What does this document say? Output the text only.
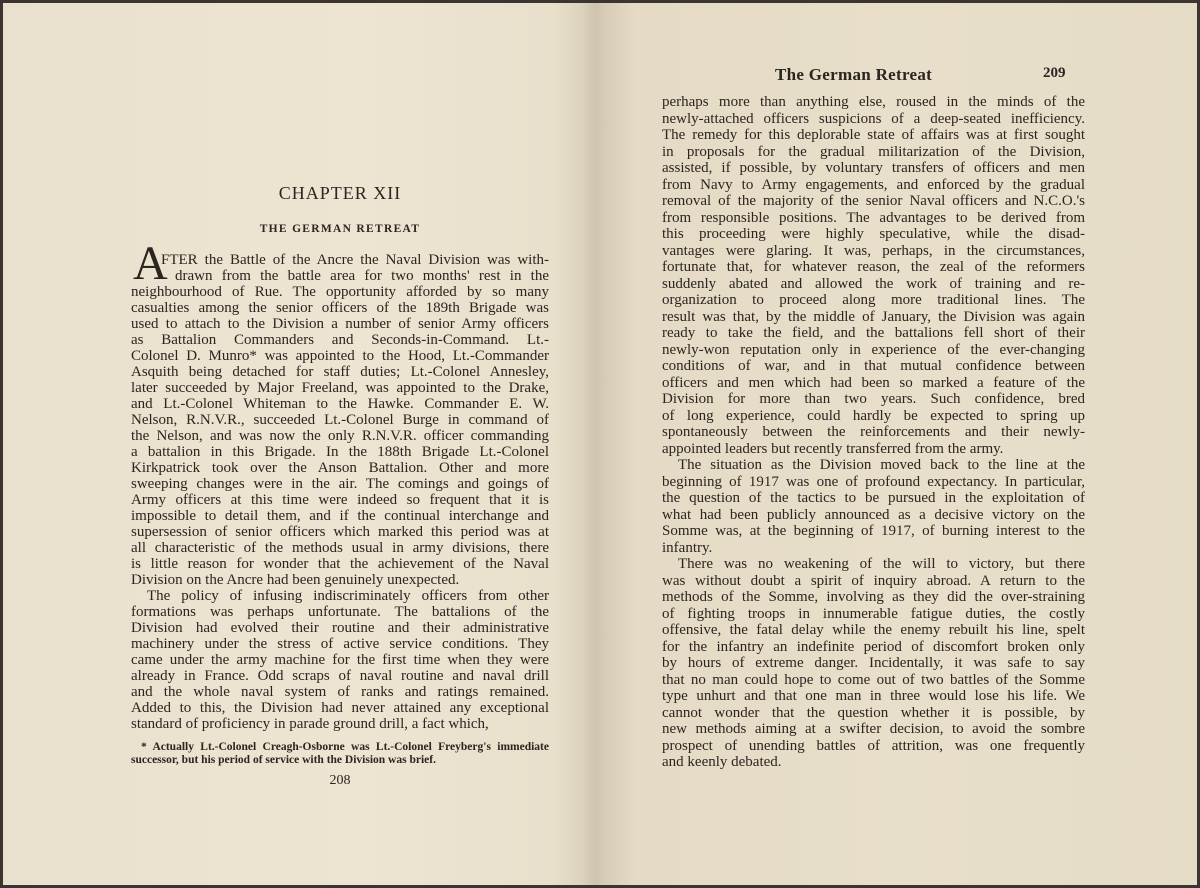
CHAPTER XII
THE GERMAN RETREAT
A
FTER the Battle of the Ancre the Naval Division was with-
drawn from the battle area for two months' rest in the
neighbourhood of Rue. The opportunity afforded by so many
casualties among the senior officers of the 189th Brigade was
used to attach to the Division a number of senior Army officers
as Battalion Commanders and Seconds-in-Command. Lt.-
Colonel D. Munro* was appointed to the Hood, Lt.-Commander
Asquith being detached for staff duties; Lt.-Colonel Annesley,
later succeeded by Major Freeland, was appointed to the Drake,
and Lt.-Colonel Whiteman to the Hawke. Commander E. W.
Nelson, R.N.V.R., succeeded Lt.-Colonel Burge in command of
the Nelson, and was now the only R.N.V.R. officer commanding
a battalion in this Brigade. In the 188th Brigade Lt.-Colonel
Kirkpatrick took over the Anson Battalion. Other and more
sweeping changes were in the air. The comings and goings of
Army officers at this time were indeed so frequent that it is
impossible to detail them, and if the continual interchange and
supersession of senior officers which marked this period was at
all characteristic of the methods usual in army divisions, there
is little reason for wonder that the achievement of the Naval
Division on the Ancre had been genuinely unexpected.
The policy of infusing indiscriminately officers from other
formations was perhaps unfortunate. The battalions of the
Division had evolved their routine and their administrative
machinery under the stress of active service conditions. They
came under the army machine for the first time when they were
already in France. Odd scraps of naval routine and naval drill
and the whole naval system of ranks and ratings remained.
Added to this, the Division had never attained any exceptional
standard of proficiency in parade ground drill, a fact which,
* Actually Lt.-Colonel Creagh-Osborne was Lt.-Colonel Freyberg's immediate
successor, but his period of service with the Division was brief.
208
The German Retreat	209
perhaps more than anything else, roused in the minds of the
newly-attached officers suspicions of a deep-seated inefficiency.
The remedy for this deplorable state of affairs was at first sought
in proposals for the gradual militarization of the Division,
assisted, if possible, by voluntary transfers of officers and men
from Navy to Army engagements, and enforced by the gradual
removal of the majority of the senior Naval officers and N.C.O.'s
from responsible positions. The advantages to be derived from
this proceeding were highly speculative, while the disad-
vantages were glaring. It was, perhaps, in the circumstances,
fortunate that, for whatever reason, the zeal of the reformers
suddenly abated and allowed the work of training and re-
organization to proceed along more traditional lines. The
result was that, by the middle of January, the Division was again
ready to take the field, and the battalions fell short of their
newly-won reputation only in experience of the ever-changing
conditions of war, and in that mutual confidence between
officers and men which had been so marked a feature of the
Division for more than two years. Such confidence, bred
of long experience, could hardly be expected to spring up
spontaneously between the reinforcements and their newly-
appointed leaders but recently transferred from the army.
The situation as the Division moved back to the line at the
beginning of 1917 was one of profound expectancy. In particular,
the question of the tactics to be pursued in the exploitation of
what had been publicly announced as a decisive victory on the
Somme was, at the beginning of 1917, of burning interest to the
infantry.
There was no weakening of the will to victory, but there
was without doubt a spirit of inquiry abroad. A return to the
methods of the Somme, involving as they did the over-straining
of fighting troops in innumerable fatigue duties, the costly
offensive, the fatal delay while the enemy rebuilt his line, spelt
for the infantry an indefinite period of discomfort broken only
by hours of extreme danger. Incidentally, it was safe to say
that no man could hope to come out of two battles of the Somme
type unhurt and that one man in three would lose his life. We
cannot wonder that the question whether it is possible, by
new methods aiming at a swifter decision, to avoid the sombre
prospect of unending battles of attrition, was one frequently
and keenly debated.
